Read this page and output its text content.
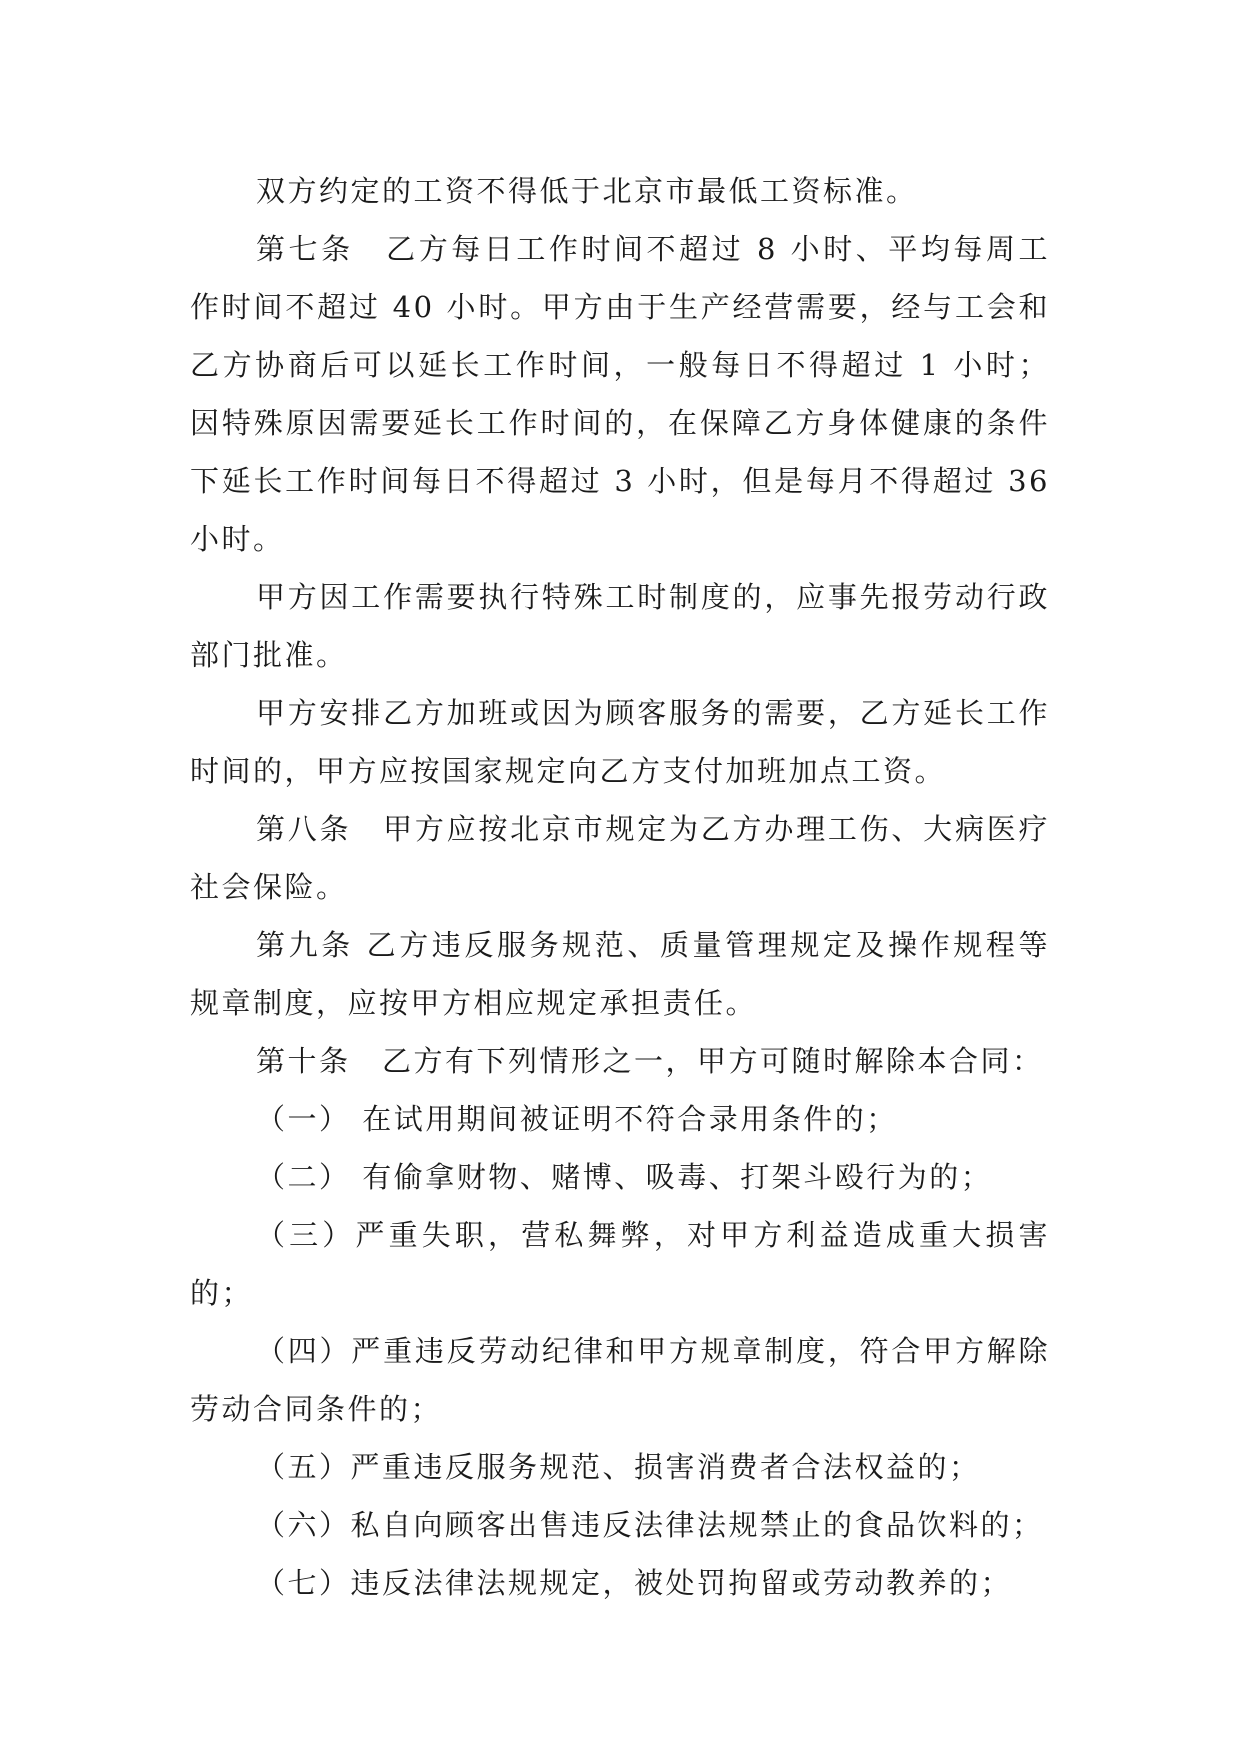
双方约定的工资不得低于北京市最低工资标准。

第七条　乙方每日工作时间不超过 8 小时、平均每周工作时间不超过 40 小时。甲方由于生产经营需要，经与工会和乙方协商后可以延长工作时间，一般每日不得超过 1 小时；因特殊原因需要延长工作时间的，在保障乙方身体健康的条件下延长工作时间每日不得超过 3 小时，但是每月不得超过 36 小时。

甲方因工作需要执行特殊工时制度的，应事先报劳动行政部门批准。

甲方安排乙方加班或因为顾客服务的需要，乙方延长工作时间的，甲方应按国家规定向乙方支付加班加点工资。

第八条　甲方应按北京市规定为乙方办理工伤、大病医疗社会保险。

第九条 乙方违反服务规范、质量管理规定及操作规程等规章制度，应按甲方相应规定承担责任。

第十条　乙方有下列情形之一，甲方可随时解除本合同：

（一） 在试用期间被证明不符合录用条件的；

（二） 有偷拿财物、赌博、吸毒、打架斗殴行为的；

（三）严重失职，营私舞弊，对甲方利益造成重大损害的；

（四）严重违反劳动纪律和甲方规章制度，符合甲方解除劳动合同条件的；

（五）严重违反服务规范、损害消费者合法权益的；

（六）私自向顾客出售违反法律法规禁止的食品饮料的；

（七）违反法律法规规定，被处罚拘留或劳动教养的；
